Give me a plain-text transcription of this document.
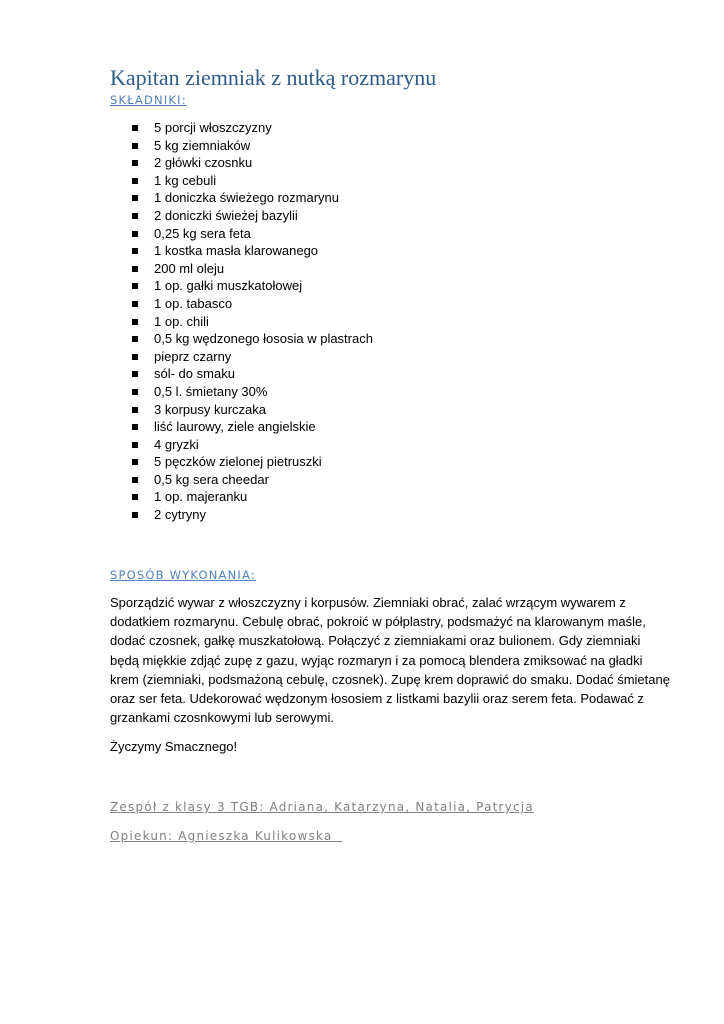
Kapitan ziemniak z nutką rozmarynu

SKŁADNIKI:

5 porcji włoszczyzny
5 kg ziemniaków
2 główki czosnku
1 kg cebuli
1 doniczka świeżego rozmarynu
2 doniczki świeżej bazylii
0,25 kg sera feta
1 kostka masła klarowanego
200 ml oleju
1 op. gałki muszkatołowej
1 op. tabasco
1 op. chili
0,5 kg wędzonego łososia w plastrach
pieprz czarny
sól- do smaku
0,5 l. śmietany 30%
3 korpusy kurczaka
liść laurowy, ziele angielskie
4 gryzki
5 pęczków zielonej pietruszki
0,5 kg sera cheedar
1 op. majeranku
2 cytryny

SPOSÓB WYKONANIA:

Sporządzić wywar z włoszczyzny i korpusów. Ziemniaki obrać, zalać wrzącym wywarem z dodatkiem rozmarynu. Cebulę obrać, pokroić w półplastry, podsmażyć na klarowanym maśle, dodać czosnek, gałkę muszkatołową. Połączyć z ziemniakami oraz bulionem. Gdy ziemniaki będą miękkie zdjąć zupę z gazu, wyjąc rozmaryn i za pomocą blendera zmiksować na gładki krem (ziemniaki, podsmażoną cebulę, czosnek). Zupę krem doprawić do smaku. Dodać śmietanę oraz ser feta. Udekorować wędzonym łososiem z listkami bazylii oraz serem feta. Podawać z grzankami czosnkowymi lub serowymi.

Życzymy Smacznego!

Zespół z klasy 3 TGB: Adriana, Katarzyna, Natalia, Patrycja

Opiekun: Agnieszka Kulikowska
